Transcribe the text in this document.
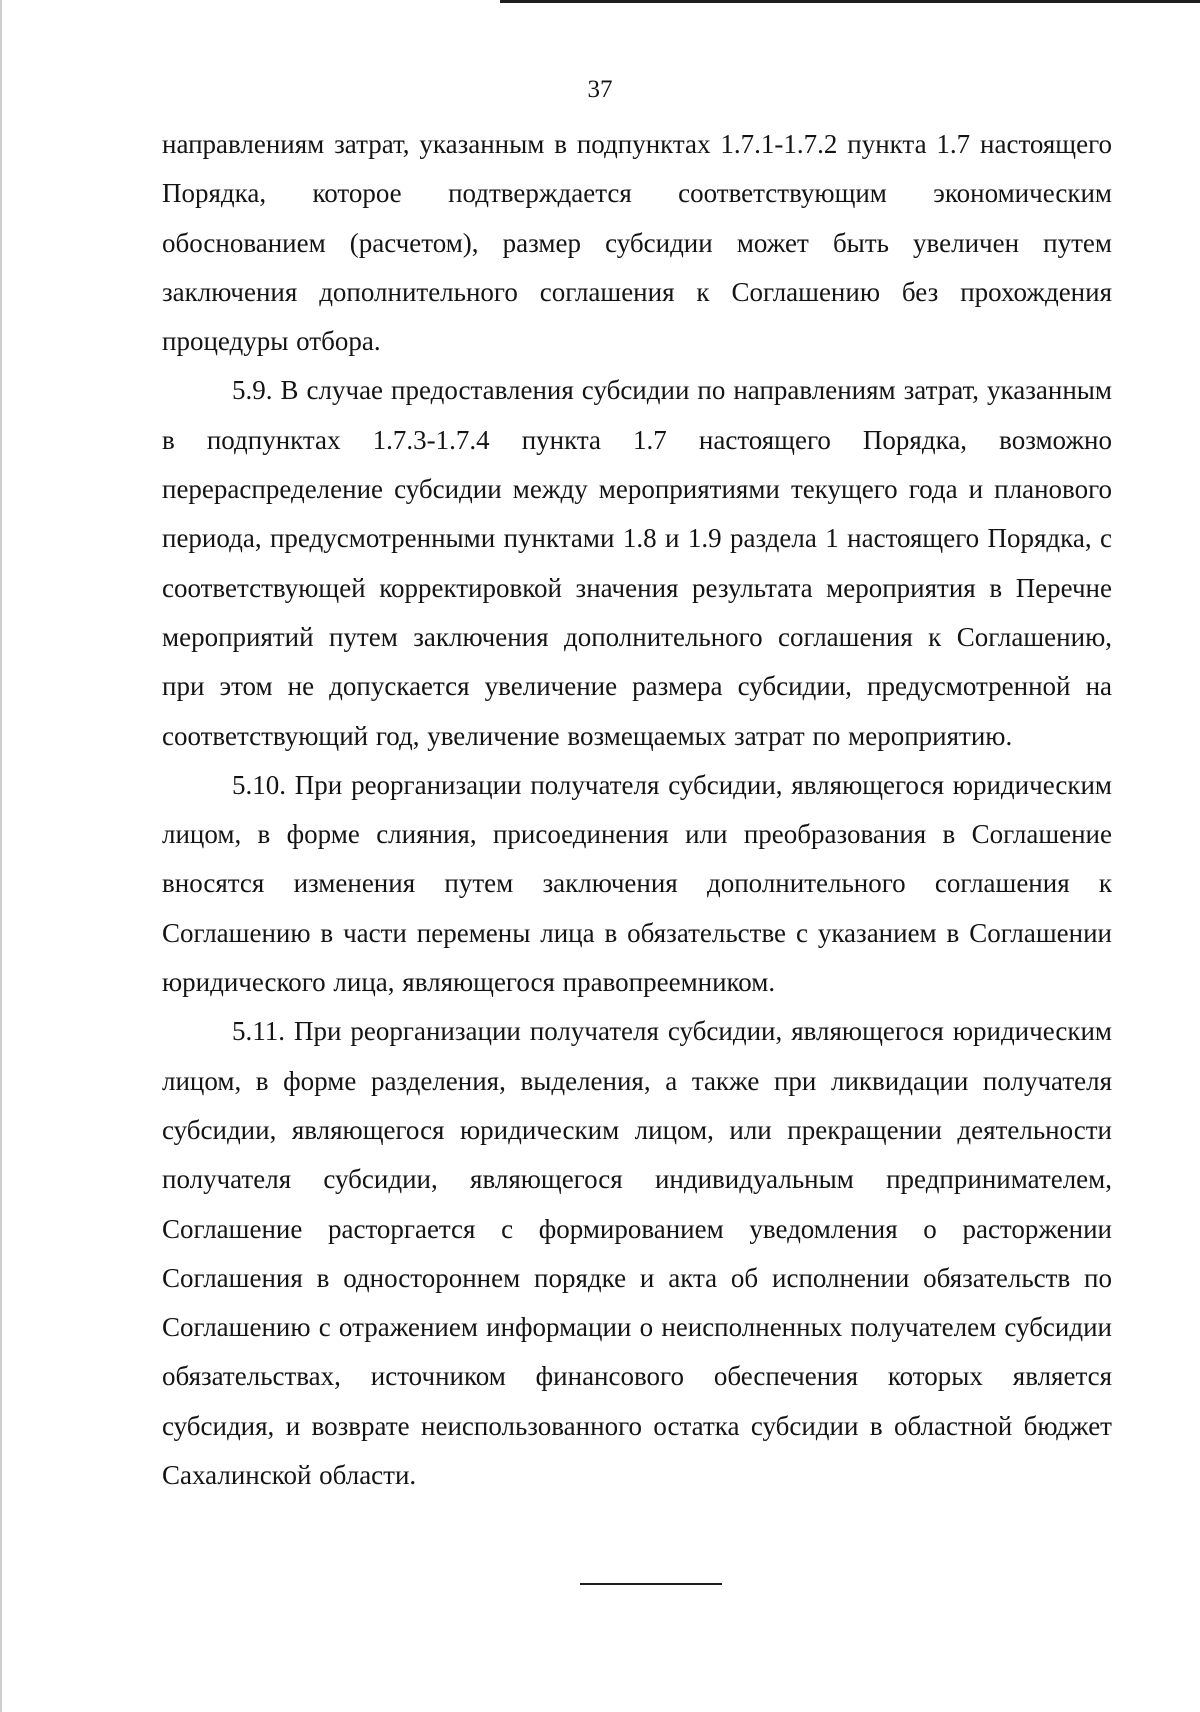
37

направлениям затрат, указанным в подпунктах 1.7.1-1.7.2 пункта 1.7 настоящего Порядка, которое подтверждается соответствующим экономическим обоснованием (расчетом), размер субсидии может быть увеличен путем заключения дополнительного соглашения к Соглашению без прохождения процедуры отбора.

5.9. В случае предоставления субсидии по направлениям затрат, указанным в подпунктах 1.7.3-1.7.4 пункта 1.7 настоящего Порядка, возможно перераспределение субсидии между мероприятиями текущего года и планового периода, предусмотренными пунктами 1.8 и 1.9 раздела 1 настоящего Порядка, с соответствующей корректировкой значения результата мероприятия в Перечне мероприятий путем заключения дополнительного соглашения к Соглашению, при этом не допускается увеличение размера субсидии, предусмотренной на соответствующий год, увеличение возмещаемых затрат по мероприятию.

5.10. При реорганизации получателя субсидии, являющегося юридическим лицом, в форме слияния, присоединения или преобразования в Соглашение вносятся изменения путем заключения дополнительного соглашения к Соглашению в части перемены лица в обязательстве с указанием в Соглашении юридического лица, являющегося правопреемником.

5.11. При реорганизации получателя субсидии, являющегося юридическим лицом, в форме разделения, выделения, а также при ликвидации получателя субсидии, являющегося юридическим лицом, или прекращении деятельности получателя субсидии, являющегося индивидуальным предпринимателем, Соглашение расторгается с формированием уведомления о расторжении Соглашения в одностороннем порядке и акта об исполнении обязательств по Соглашению с отражением информации о неисполненных получателем субсидии обязательствах, источником финансового обеспечения которых является субсидия, и возврате неиспользованного остатка субсидии в областной бюджет Сахалинской области.
